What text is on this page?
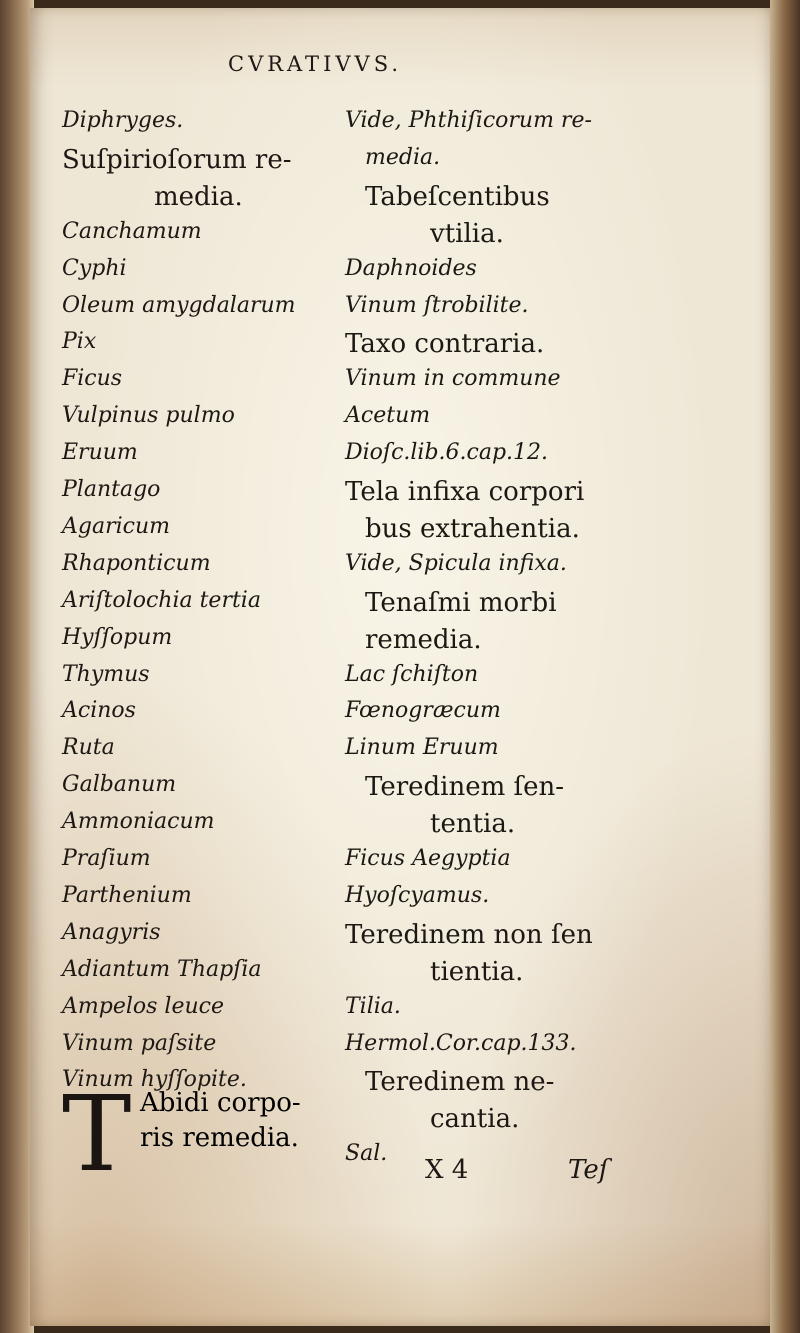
CVRATIVVS.
Diphryges.
Suſpirioſorum re-
media.
Canchamum
Cyphi
Oleum amygdalarum
Pix
Ficus
Vulpinus pulmo
Eruum
Plantago
Agaricum
Rhaponticum
Ariſtolochia tertia
Hyſſopum
Thymus
Acinos
Ruta
Galbanum
Ammoniacum
Praſium
Parthenium
Anagyris
Adiantum Thapſia
Ampelos leuce
Vinum paſsite
Vinum hyſſopite.
Vide, Phthiſicorum re-
media.
Tabeſcentibus
vtilia.
Daphnoides
Vinum ſtrobilite.
Taxo contraria.
Vinum in commune
Acetum
Dioſc.lib.6.cap.12.
Tela infixa corpori
bus extrahentia.
Vide, Spicula infixa.
Tenaſmi morbi
remedia.
Lac ſchiſton
Fœnogræcum
Linum Eruum
Teredinem ſen-
tentia.
Ficus Aegyptia
Hyoſcyamus.
Teredinem non ſen
tientia.
Tilia.
Hermol.Cor.cap.133.
Teredinem ne-
cantia.
Sal.
T Abidi corpo-
ris remedia.
X 4	Teſ
